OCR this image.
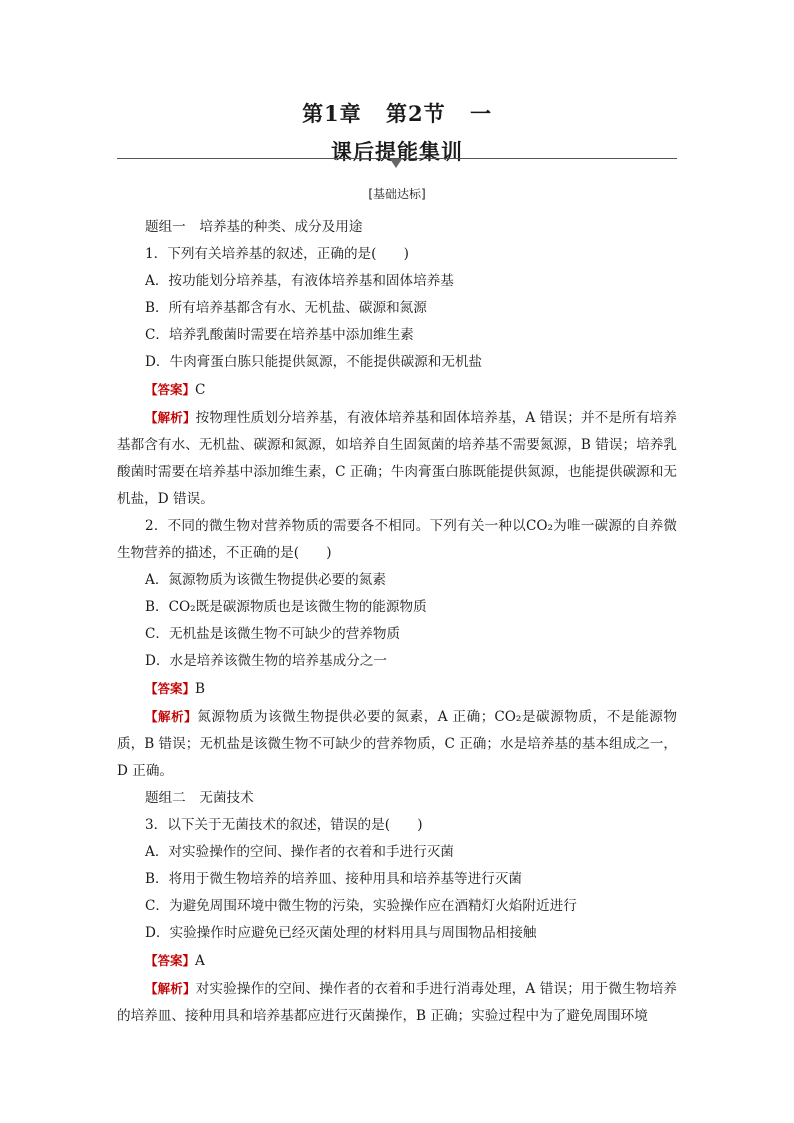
第1章 第2节 一
课后提能集训
[基础达标]

题组一　培养基的种类、成分及用途

1．下列有关培养基的叙述，正确的是(　　)

A．按功能划分培养基，有液体培养基和固体培养基

B．所有培养基都含有水、无机盐、碳源和氮源

C．培养乳酸菌时需要在培养基中添加维生素

D．牛肉膏蛋白胨只能提供氮源，不能提供碳源和无机盐

【答案】C

【解析】按物理性质划分培养基，有液体培养基和固体培养基，A 错误；并不是所有培养基都含有水、无机盐、碳源和氮源，如培养自生固氮菌的培养基不需要氮源，B 错误；培养乳酸菌时需要在培养基中添加维生素，C 正确；牛肉膏蛋白胨既能提供氮源，也能提供碳源和无机盐，D 错误。

2．不同的微生物对营养物质的需要各不相同。下列有关一种以CO₂为唯一碳源的自养微生物营养的描述，不正确的是(　　)

A．氮源物质为该微生物提供必要的氮素

B．CO₂既是碳源物质也是该微生物的能源物质

C．无机盐是该微生物不可缺少的营养物质

D．水是培养该微生物的培养基成分之一

【答案】B

【解析】氮源物质为该微生物提供必要的氮素，A 正确；CO₂是碳源物质，不是能源物质，B 错误；无机盐是该微生物不可缺少的营养物质，C 正确；水是培养基的基本组成之一，D 正确。

题组二　无菌技术

3．以下关于无菌技术的叙述，错误的是(　　)

A．对实验操作的空间、操作者的衣着和手进行灭菌

B．将用于微生物培养的培养皿、接种用具和培养基等进行灭菌

C．为避免周围环境中微生物的污染，实验操作应在酒精灯火焰附近进行

D．实验操作时应避免已经灭菌处理的材料用具与周围物品相接触

【答案】A

【解析】对实验操作的空间、操作者的衣着和手进行消毒处理，A 错误；用于微生物培养的培养皿、接种用具和培养基都应进行灭菌操作，B 正确；实验过程中为了避免周围环境
